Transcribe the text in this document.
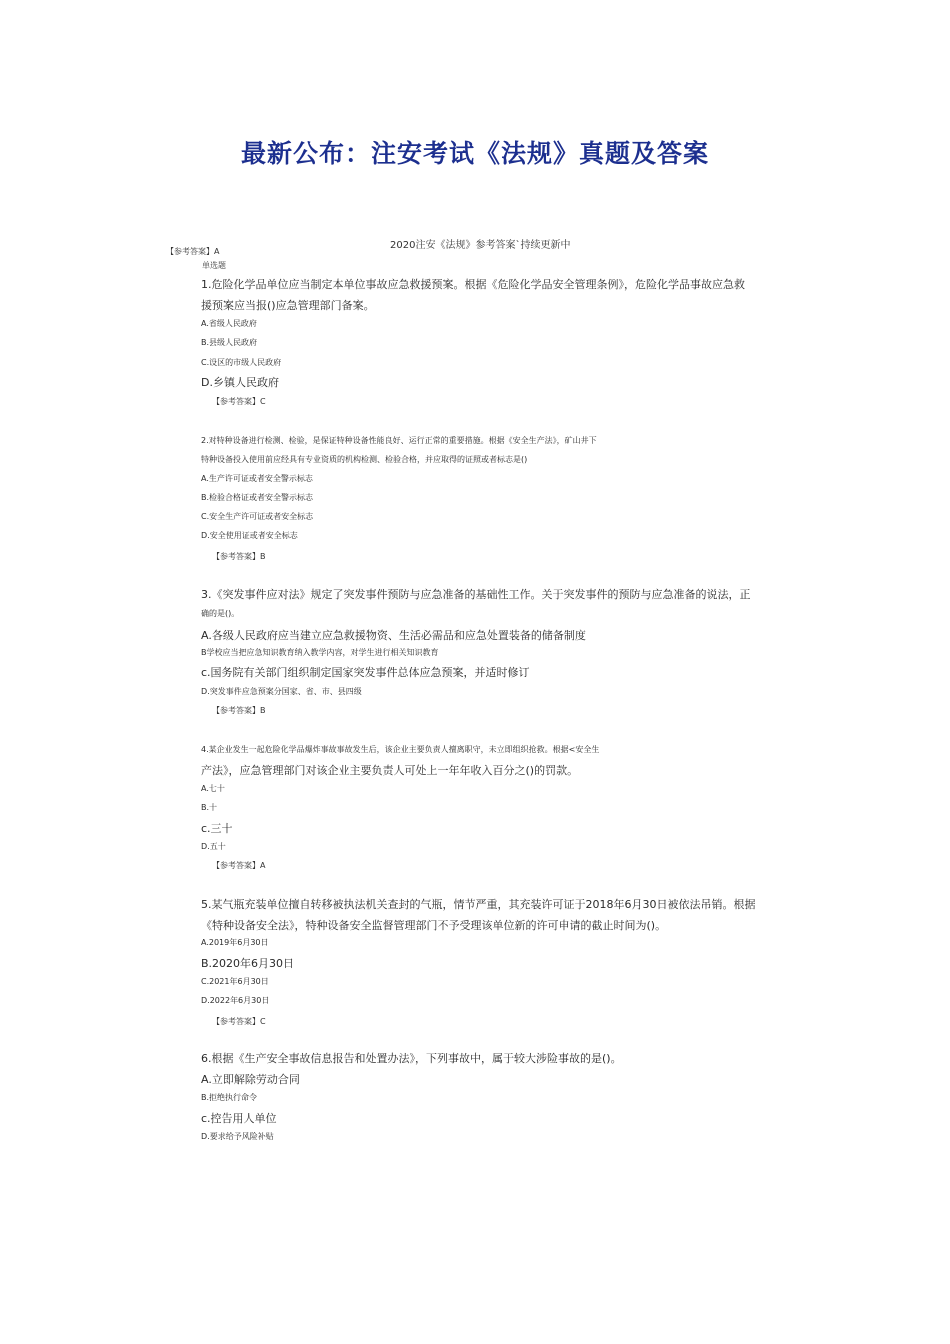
最新公布：注安考试《法规》真题及答案
2020注安《法规》参考答案`持续更新中
【参考答案】A
单选题
1.危险化学品单位应当制定本单位事故应急救援预案。根据《危险化学品安全管理条例》，危险化学品事故应急救
援预案应当报()应急管理部门备案。
A.省级人民政府
B.县级人民政府
C.设区的市级人民政府
D.乡镇人民政府
【参考答案】C
2.对特种设备进行检测、检验，是保证特种设备性能良好、运行正常的重要措施。根据《安全生产法》，矿山井下
特种设备投入使用前应经具有专业资质的机构检测、检验合格，并应取得的证照或者标志是()
A.生产许可证或者安全警示标志
B.检验合格证或者安全警示标志
C.安全生产许可证或者安全标志
D.安全使用证或者安全标志
【参考答案】B
3.《突发事件应对法》规定了突发事件预防与应急准备的基础性工作。关于突发事件的预防与应急准备的说法，正
确的是()。
A.各级人民政府应当建立应急救援物资、生活必需品和应急处置装备的储备制度
B学校应当把应急知识教育纳入教学内容，对学生进行相关知识教育
c.国务院有关部门组织制定国家突发事件总体应急预案，并适时修订
D.突发事件应急预案分国家、省、市、县四级
【参考答案】B
4.某企业发生一起危险化学品爆炸事故事故发生后，该企业主要负责人擅离职守，未立即组织抢救。根据<安全生
产法》，应急管理部门对该企业主要负责人可处上一年年收入百分之()的罚款。
A.七十
B.十
c.三十
D.五十
【参考答案】A
5.某气瓶充装单位擅自转移被执法机关查封的气瓶，情节严重，其充装许可证于2018年6月30日被依法吊销。根据
《特种设备安全法》，特种设备安全监督管理部门不予受理该单位新的许可申请的截止时间为()。
A.2019年6月30日
B.2020年6月30日
C.2021年6月30日
D.2022年6月30日
【参考答案】C
6.根据《生产安全事故信息报告和处置办法》，下列事故中，属于较大涉险事故的是()。
A.立即解除劳动合同
B.拒绝执行命令
c.控告用人单位
D.要求给予风险补贴
